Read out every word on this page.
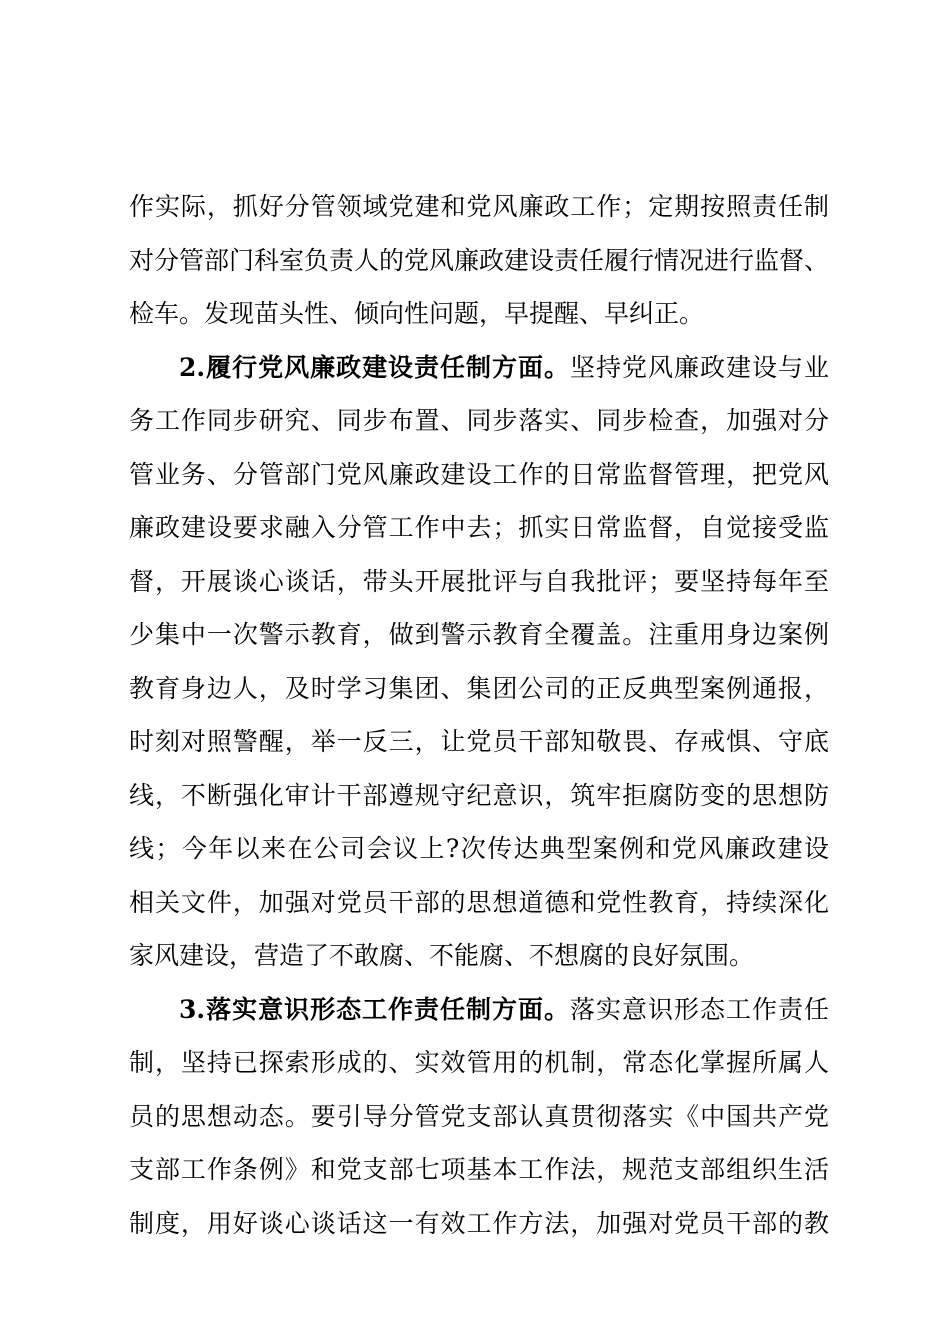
作实际，抓好分管领域党建和党风廉政工作；定期按照责任制
对分管部门科室负责人的党风廉政建设责任履行情况进行监督、
检车。发现苗头性、倾向性问题，早提醒、早纠正。
2.履行党风廉政建设责任制方面。坚持党风廉政建设与业
务工作同步研究、同步布置、同步落实、同步检查，加强对分
管业务、分管部门党风廉政建设工作的日常监督管理，把党风
廉政建设要求融入分管工作中去；抓实日常监督，自觉接受监
督，开展谈心谈话，带头开展批评与自我批评；要坚持每年至
少集中一次警示教育，做到警示教育全覆盖。注重用身边案例
教育身边人，及时学习集团、集团公司的正反典型案例通报，
时刻对照警醒，举一反三，让党员干部知敬畏、存戒惧、守底
线，不断强化审计干部遵规守纪意识，筑牢拒腐防变的思想防
线；今年以来在公司会议上?次传达典型案例和党风廉政建设
相关文件，加强对党员干部的思想道德和党性教育，持续深化
家风建设，营造了不敢腐、不能腐、不想腐的良好氛围。
3.落实意识形态工作责任制方面。落实意识形态工作责任
制，坚持已探索形成的、实效管用的机制，常态化掌握所属人
员的思想动态。要引导分管党支部认真贯彻落实《中国共产党
支部工作条例》和党支部七项基本工作法，规范支部组织生活
制度，用好谈心谈话这一有效工作方法，加强对党员干部的教
